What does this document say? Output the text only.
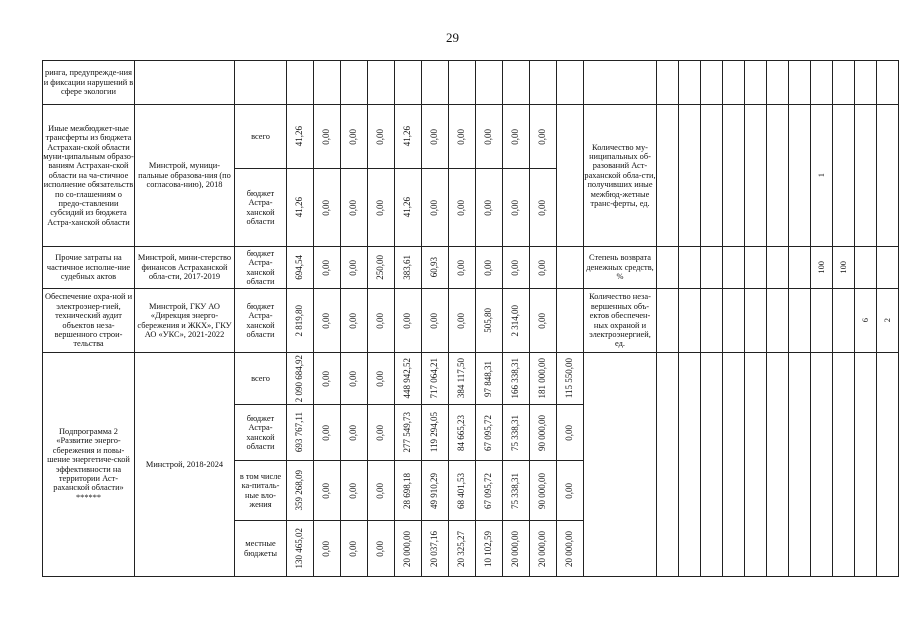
29
ринга, предупрежде-ния и фиксации нарушений в сфере экологии																									
Иные межбюджет-ные трансферты из бюджета Астрахан-ской области муни-ципальным образо-ваниям Астрахан-ской области на ча-стичное исполнение обязательств по со-глашениям о предо-ставлении субсидий из бюджета Астра-ханской области	Минстрой, муници-пальные образова-ния (по согласова-нию), 2018	всего	41,26	0,00	0,00	0,00	41,26	0,00	0,00	0,00	0,00	0,00		Количество му-ниципальных об-разований Аст-раханской обла-сти, получивших иные межбюд-жетные транс-ферты, ед.								1			

		бюджет Астра-ханской области	41,26	0,00	0,00	0,00	41,26	0,00	0,00	0,00	0,00	0,00													

Прочие затраты на частичное исполне-ние судебных актов	Минстрой, мини-стерство финансов Астраханской обла-сти, 2017-2019	бюджет Астра-ханской области	694,54	0,00	0,00	250,00	383,61	60,93	0,00	0,00	0,00	0,00		Степень возврата денежных средств, %								100	100		

Обеспечение охра-ной и электроэнер-гией, технический аудит объектов неза-вершенного строи-тельства	Минстрой, ГКУ АО «Дирекция энерго-сбережения и ЖКХ», ГКУ АО «УКС», 2021-2022	бюджет Астра-ханской области	2 819,80	0,00	0,00	0,00	0,00	0,00	0,00	505,80	2 314,00	0,00		Количество неза-вершенных объ-ектов обеспечен-ных охраной и электроэнергией, ед.										6	2

Подпрограмма 2 «Развитие энерго-сбережения и повы-шение энергетиче-ской эффективности на территории Аст-раханской области» ******	Минстрой, 2018-2024	всего	2 090 684,92	0,00	0,00	0,00	448 942,52	717 064,21	384 117,50	97 848,31	166 338,31	181 000,00	115 550,00												

		бюджет Астра-ханской области	693 767,11	0,00	0,00	0,00	277 549,73	119 294,05	84 665,23	67 095,72	75 338,31	90 000,00	0,00												

		в том числе ка-питаль-ные вло-жения	359 268,09	0,00	0,00	0,00	28 698,18	49 910,29	68 401,53	67 095,72	75 338,31	90 000,00	0,00												

		местные бюджеты	130 465,02	0,00	0,00	0,00	20 000,00	20 037,16	20 325,27	10 102,59	20 000,00	20 000,00	20 000,00												
